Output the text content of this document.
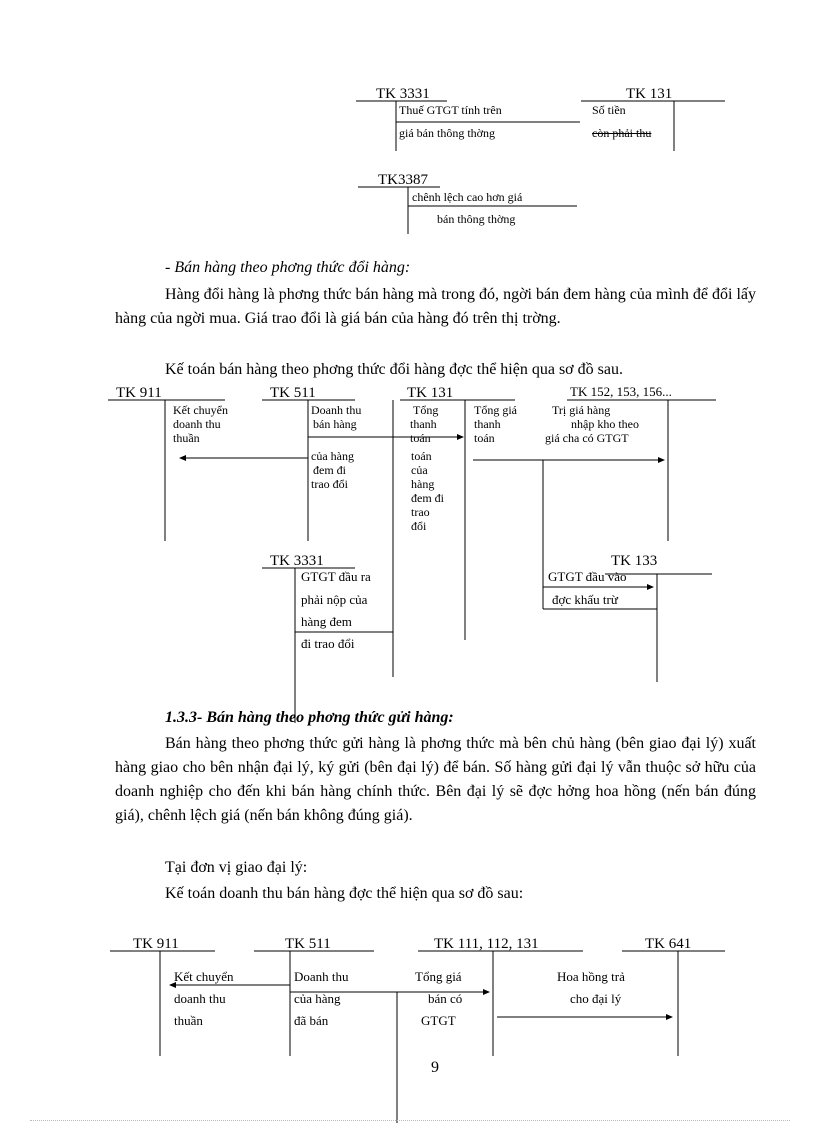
TK 3331
Thuế GTGT tính trên
giá bán thông thờng
TK 131
Số tiền
còn phải thu
TK3387
chênh lệch cao hơn giá
bán thông thờng
- Bán hàng theo phơng thức đổi hàng:
Hàng đổi hàng là phơng thức bán hàng mà trong đó, ngời bán đem hàng của mình để đổi lấy hàng của ngời mua. Giá trao đổi là giá bán của hàng đó trên thị trờng.
Kế toán bán hàng theo phơng thức đổi hàng đợc thể hiện qua sơ đồ sau.
TK 911
Kết chuyển
doanh thu
thuần
TK 511
Doanh thu
bán hàng
của hàng
đem đi
trao đổi
TK 131
Tổng
thanh
toán
toán
của
hàng
đem đi
trao
đổi
Tổng giá
thanh
toán
TK 152, 153, 156...
Trị giá hàng
nhập kho theo
giá cha có GTGT
TK 3331
GTGT đầu ra
phải nộp của
hàng đem
đi trao đổi
TK 133
GTGT đầu vào
đợc khấu trừ
1.3.3- Bán hàng theo phơng thức gửi hàng:
Bán hàng theo phơng thức gửi hàng là phơng thức mà bên chủ hàng (bên giao đại lý) xuất hàng giao cho bên nhận đại lý, ký gửi (bên đại lý) để bán. Số hàng gửi đại lý vẫn thuộc sở hữu của doanh nghiệp cho đến khi bán hàng chính thức. Bên đại lý sẽ đợc hởng hoa hồng (nến bán đúng giá), chênh lệch giá (nến bán không đúng giá).
Tại đơn vị giao đại lý:
Kế toán doanh thu bán hàng đợc thể hiện qua sơ đồ sau:
TK 911
Kết chuyển
doanh thu
thuần
TK 511
Doanh thu
của hàng
đã bán
TK 111, 112, 131
Tổng giá
bán có
GTGT
TK 641
Hoa hồng trả
cho đại lý
9
